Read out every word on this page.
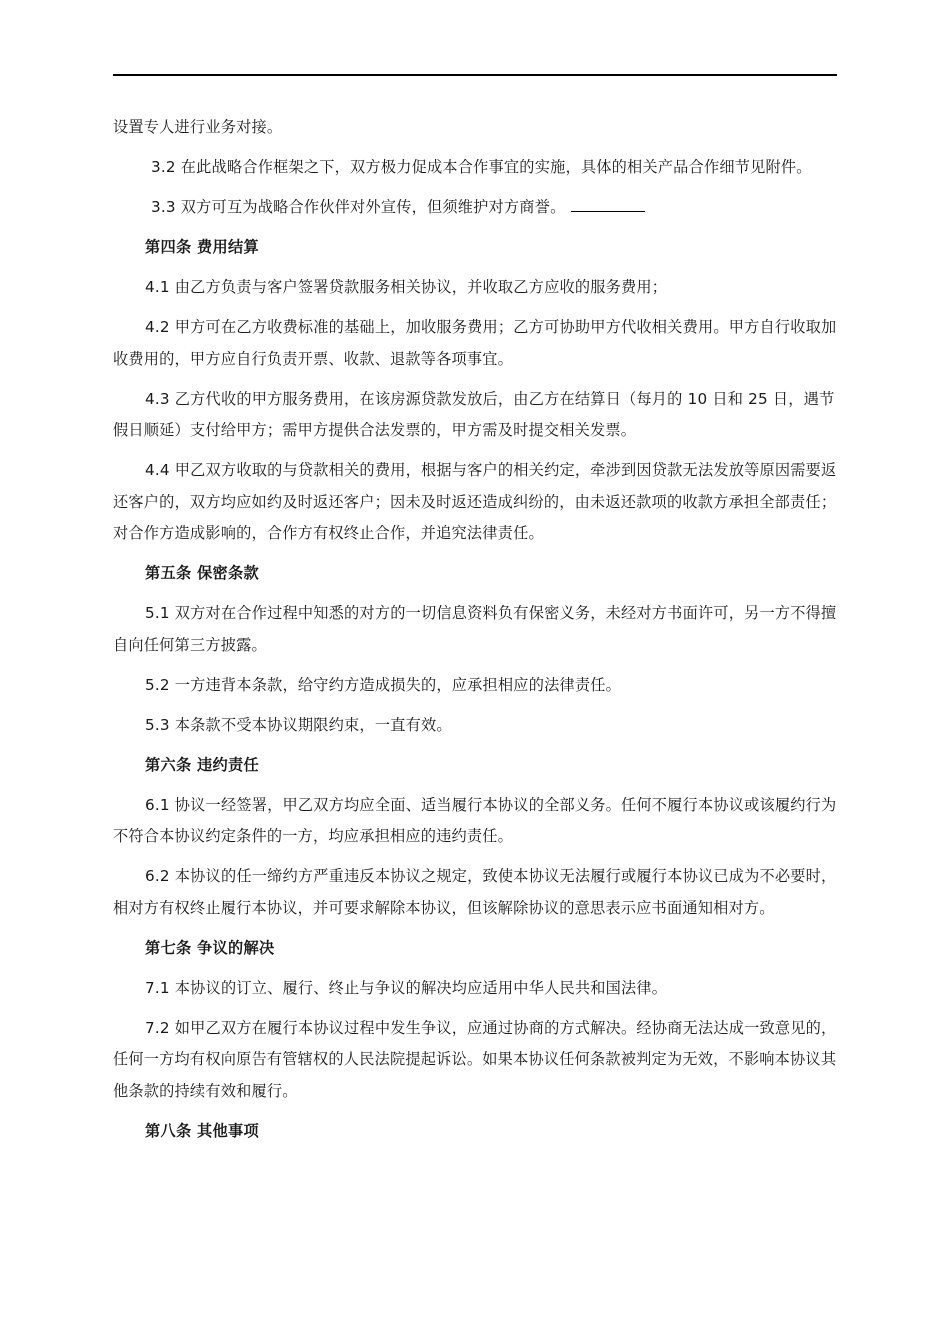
设置专人进行业务对接。

3.2 在此战略合作框架之下，双方极力促成本合作事宜的实施，具体的相关产品合作细节见附件。

3.3 双方可互为战略合作伙伴对外宣传，但须维护对方商誉。

第四条 费用结算

4.1 由乙方负责与客户签署贷款服务相关协议，并收取乙方应收的服务费用；

4.2 甲方可在乙方收费标准的基础上，加收服务费用；乙方可协助甲方代收相关费用。甲方自行收取加收费用的，甲方应自行负责开票、收款、退款等各项事宜。

4.3 乙方代收的甲方服务费用，在该房源贷款发放后，由乙方在结算日（每月的 10 日和 25 日，遇节假日顺延）支付给甲方；需甲方提供合法发票的，甲方需及时提交相关发票。

4.4 甲乙双方收取的与贷款相关的费用，根据与客户的相关约定，牵涉到因贷款无法发放等原因需要返还客户的，双方均应如约及时返还客户；因未及时返还造成纠纷的，由未返还款项的收款方承担全部责任；对合作方造成影响的，合作方有权终止合作，并追究法律责任。

第五条 保密条款

5.1 双方对在合作过程中知悉的对方的一切信息资料负有保密义务，未经对方书面许可，另一方不得擅自向任何第三方披露。

5.2 一方违背本条款，给守约方造成损失的，应承担相应的法律责任。

5.3 本条款不受本协议期限约束，一直有效。

第六条 违约责任

6.1 协议一经签署，甲乙双方均应全面、适当履行本协议的全部义务。任何不履行本协议或该履约行为不符合本协议约定条件的一方，均应承担相应的违约责任。

6.2 本协议的任一缔约方严重违反本协议之规定，致使本协议无法履行或履行本协议已成为不必要时，相对方有权终止履行本协议，并可要求解除本协议，但该解除协议的意思表示应书面通知相对方。

第七条 争议的解决

7.1 本协议的订立、履行、终止与争议的解决均应适用中华人民共和国法律。

7.2 如甲乙双方在履行本协议过程中发生争议，应通过协商的方式解决。经协商无法达成一致意见的，任何一方均有权向原告有管辖权的人民法院提起诉讼。如果本协议任何条款被判定为无效，不影响本协议其他条款的持续有效和履行。

第八条 其他事项
